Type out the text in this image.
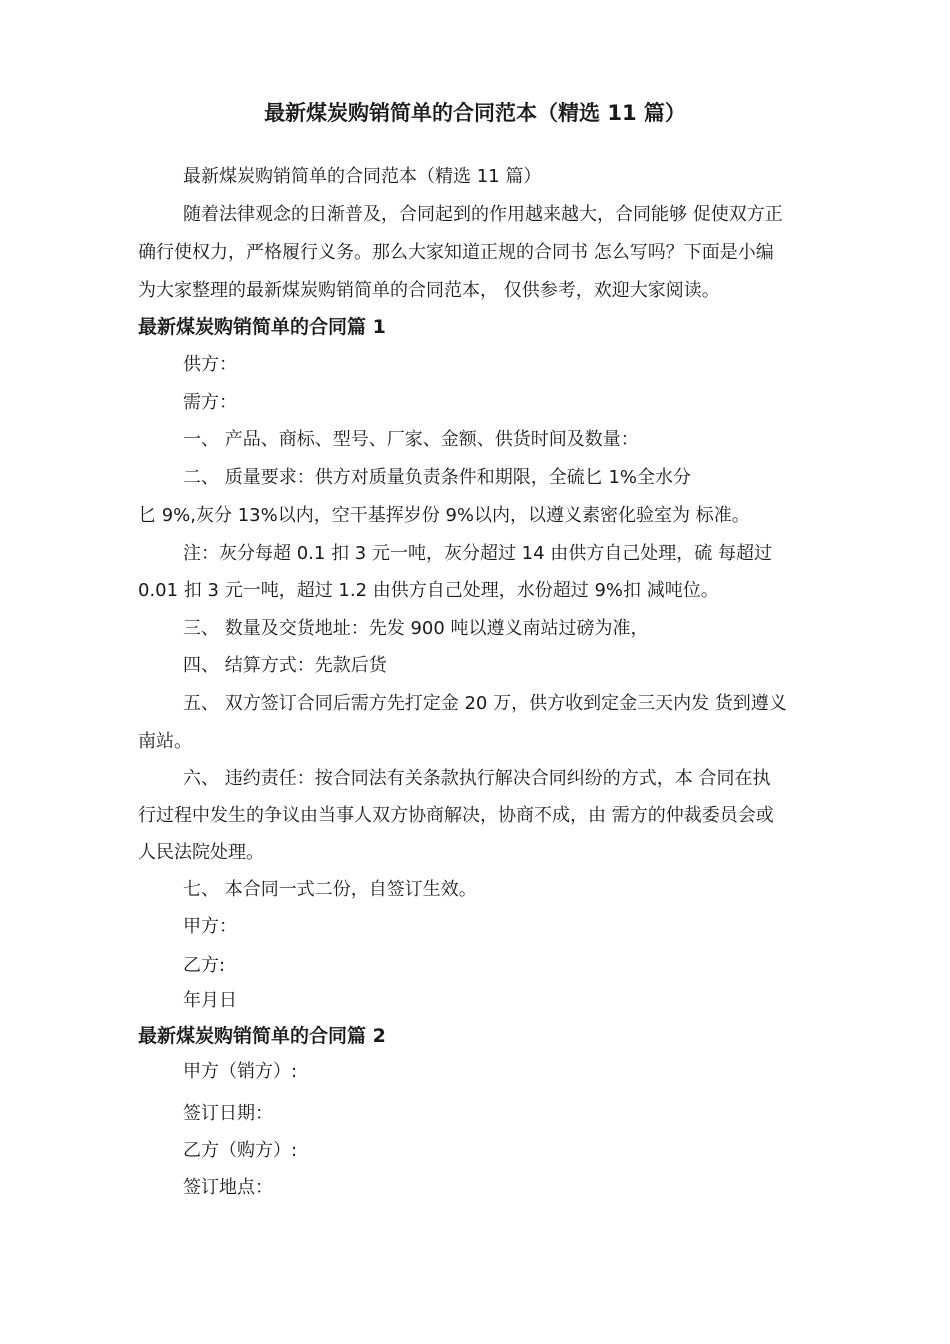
最新煤炭购销简单的合同范本（精选 11 篇）
最新煤炭购销简单的合同范本（精选 11 篇）
随着法律观念的日渐普及，合同起到的作用越来越大，合同能够 促使双方正
确行使权力，严格履行义务。那么大家知道正规的合同书 怎么写吗？下面是小编
为大家整理的最新煤炭购销简单的合同范本， 仅供参考，欢迎大家阅读。
最新煤炭购销简单的合同篇 1
供方：
需方：
一、 产品、商标、型号、厂家、金额、供货时间及数量：
二、 质量要求：供方对质量负责条件和期限，全硫匕 1%全水分
匕 9%,灰分 13%以内，空干基挥岁份 9%以内，以遵义素密化验室为 标准。
注：灰分每超 0.1 扣 3 元一吨，灰分超过 14 由供方自己处理，硫 每超过
0.01 扣 3 元一吨，超过 1.2 由供方自己处理，水份超过 9%扣 减吨位。
三、 数量及交货地址：先发 900 吨以遵义南站过磅为准，
四、 结算方式：先款后货
五、 双方签订合同后需方先打定金 20 万，供方收到定金三天内发 货到遵义
南站。
六、 违约责任：按合同法有关条款执行解决合同纠纷的方式，本 合同在执
行过程中发生的争议由当事人双方协商解决，协商不成，由 需方的仲裁委员会或
人民法院处理。
七、 本合同一式二份，自签订生效。
甲方：
乙方:
年月日
最新煤炭购销简单的合同篇 2
甲方（销方）:
签订日期：
乙方（购方）:
签订地点：
